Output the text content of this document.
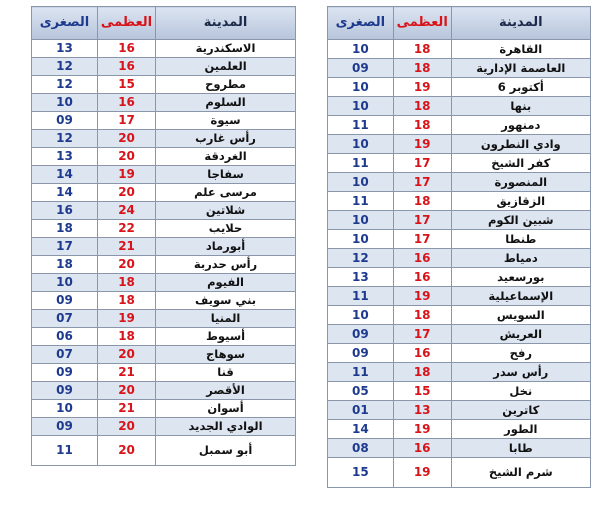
الصغرى	العظمى	المدينة
13	16	الاسكندرية
12	16	العلمين
12	15	مطروح
10	16	السلوم
09	17	سيوة
12	20	رأس غارب
13	20	الغردقة
14	19	سفاجا
14	20	مرسى علم
16	24	شلاتين
18	22	حلايب
17	21	أبورماد
18	20	رأس حدربة
10	18	الفيوم
09	18	بني سويف
07	19	المنيا
06	18	أسيوط
07	20	سوهاج
09	21	قنا
09	20	الأقصر
10	21	أسوان
09	20	الوادي الجديد
11	20	أبو سمبل
الصغرى	العظمى	المدينة
10	18	القاهرة
09	18	العاصمة الإدارية
10	19	6 أكتوبر
10	18	بنها
11	18	دمنهور
10	19	وادي النطرون
11	17	كفر الشيخ
10	17	المنصورة
11	18	الزقازيق
10	17	شبين الكوم
10	17	طنطا
12	16	دمياط
13	16	بورسعيد
11	19	الإسماعيلية
10	18	السويس
09	17	العريش
09	16	رفح
11	18	رأس سدر
05	15	نخل
01	13	كاترين
14	19	الطور
08	16	طابا
15	19	شرم الشيخ
